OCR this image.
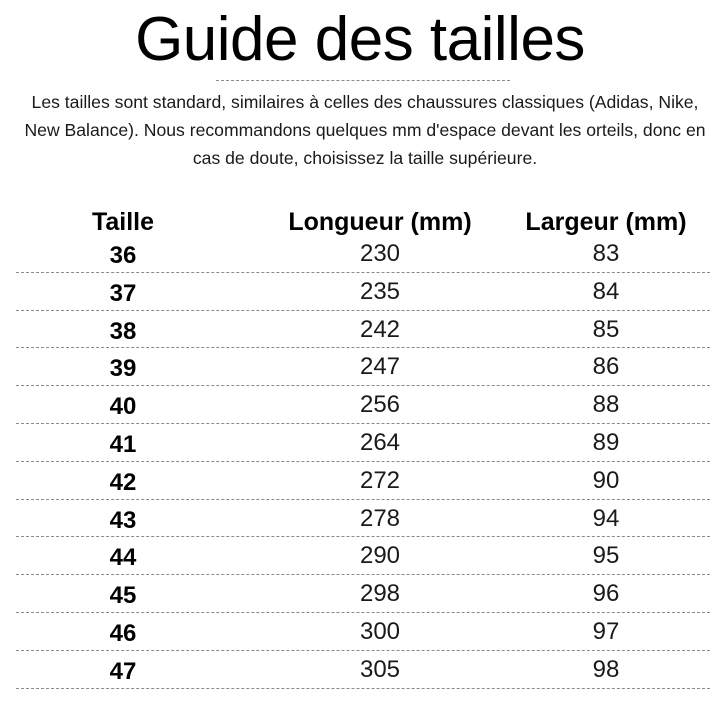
Guide des tailles
Les tailles sont standard, similaires à celles des chaussures classiques (Adidas, Nike, New Balance). Nous recommandons quelques mm d'espace devant les orteils, donc en cas de doute, choisissez la taille supérieure.
Taille	Longueur (mm)	Largeur (mm)
36	230	83
37	235	84
38	242	85
39	247	86
40	256	88
41	264	89
42	272	90
43	278	94
44	290	95
45	298	96
46	300	97
47	305	98
